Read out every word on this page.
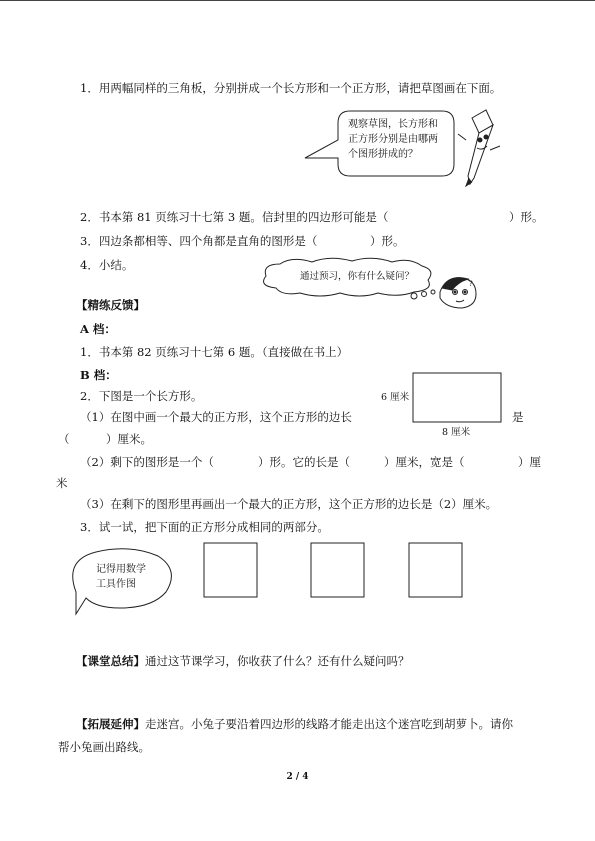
? ?
1．用两幅同样的三角板，分别拼成一个长方形和一个正方形，请把草图画在下面。
观察草图，长方形和
正方形分别是由哪两
个图形拼成的？
2．书本第 81 页练习十七第 3 题。信封里的四边形可能是（	）形。
3．四边条都相等、四个角都是直角的图形是（	）形。
4．小结。
通过预习，你有什么疑问？
【精练反馈】
A 档：
1．书本第 82 页练习十七第 6 题。（直接做在书上）
B 档：
2．下图是一个长方形。	6 厘米
8 厘米
（1）在图中画一个最大的正方形，这个正方形的边长	是
（	）厘米。
（2）剩下的图形是一个（	）形。它的长是（	）厘米，宽是（	）厘
米
（3）在剩下的图形里再画出一个最大的正方形，这个正方形的边长是（2）厘米。
3．试一试，把下面的正方形分成相同的两部分。
记得用数学
工具作图
【课堂总结】通过这节课学习，你收获了什么？还有什么疑问吗？
【拓展延伸】走迷宫。小兔子要沿着四边形的线路才能走出这个迷宫吃到胡萝卜。请你
帮小兔画出路线。
2 / 4
